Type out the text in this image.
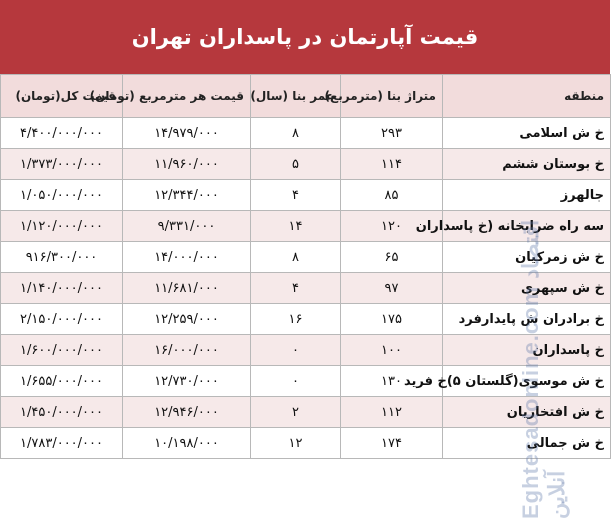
قیمت آپارتمان در پاسداران تهران
قیمت کل(تومان)	قیمت هر مترمربع (تومان)	عمر بنا (سال)	متراژ بنا (مترمربع)	منطقه
۴/۴۰۰/۰۰۰/۰۰۰	۱۴/۹۷۹/۰۰۰	۸	۲۹۳	خ ش اسلامی
۱/۳۷۳/۰۰۰/۰۰۰	۱۱/۹۶۰/۰۰۰	۵	۱۱۴	خ بوستان ششم
۱/۰۵۰/۰۰۰/۰۰۰	۱۲/۳۴۴/۰۰۰	۴	۸۵	جالهرز
۱/۱۲۰/۰۰۰/۰۰۰	۹/۳۳۱/۰۰۰	۱۴	۱۲۰	سه راه ضرابخانه (خ پاسداران
۹۱۶/۳۰۰/۰۰۰	۱۴/۰۰۰/۰۰۰	۸	۶۵	خ ش زمرکیان
۱/۱۴۰/۰۰۰/۰۰۰	۱۱/۶۸۱/۰۰۰	۴	۹۷	خ ش سپهری
۲/۱۵۰/۰۰۰/۰۰۰	۱۲/۲۵۹/۰۰۰	۱۶	۱۷۵	خ برادران ش پایدارفرد
۱/۶۰۰/۰۰۰/۰۰۰	۱۶/۰۰۰/۰۰۰	۰	۱۰۰	خ پاسداران
۱/۶۵۵/۰۰۰/۰۰۰	۱۲/۷۳۰/۰۰۰	۰	۱۳۰	خ ش موسوی(گلستان ۵)خ فرید
۱/۴۵۰/۰۰۰/۰۰۰	۱۲/۹۴۶/۰۰۰	۲	۱۱۲	خ ش افتخاریان
۱/۷۸۳/۰۰۰/۰۰۰	۱۰/۱۹۸/۰۰۰	۱۲	۱۷۴	خ ش جمالی
Eghtesadonline.com اقتصاد آنلاین
